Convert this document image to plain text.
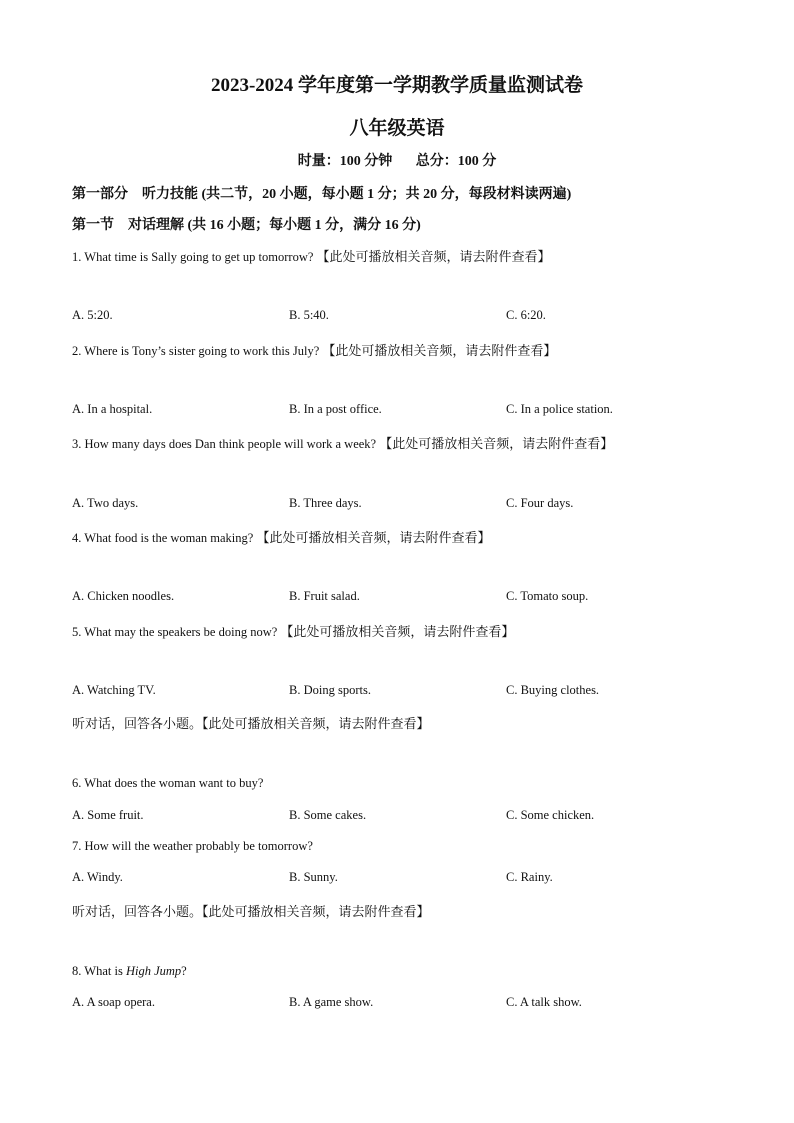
2023-2024 学年度第一学期教学质量监测试卷
八年级英语
时量：100 分钟 总分：100 分
第一部分 听力技能 (共二节，20 小题，每小题 1 分；共 20 分，每段材料读两遍)
第一节 对话理解 (共 16 小题；每小题 1 分，满分 16 分)
1. What time is Sally going to get up tomorrow? 【此处可播放相关音频，请去附件查看】
A. 5:20.	B. 5:40.	C. 6:20.
2. Where is Tony’s sister going to work this July? 【此处可播放相关音频，请去附件查看】
A. In a hospital.	B. In a post office.	C. In a police station.
3. How many days does Dan think people will work a week? 【此处可播放相关音频，请去附件查看】
A. Two days.	B. Three days.	C. Four days.
4. What food is the woman making? 【此处可播放相关音频，请去附件查看】
A. Chicken noodles.	B. Fruit salad.	C. Tomato soup.
5. What may the speakers be doing now? 【此处可播放相关音频，请去附件查看】
A. Watching TV.	B. Doing sports.	C. Buying clothes.
听对话，回答各小题。【此处可播放相关音频，请去附件查看】
6. What does the woman want to buy?
A. Some fruit.	B. Some cakes.	C. Some chicken.
7. How will the weather probably be tomorrow?
A. Windy.	B. Sunny.	C. Rainy.
听对话，回答各小题。【此处可播放相关音频，请去附件查看】
8. What is High Jump?
A. A soap opera.	B. A game show.	C. A talk show.
